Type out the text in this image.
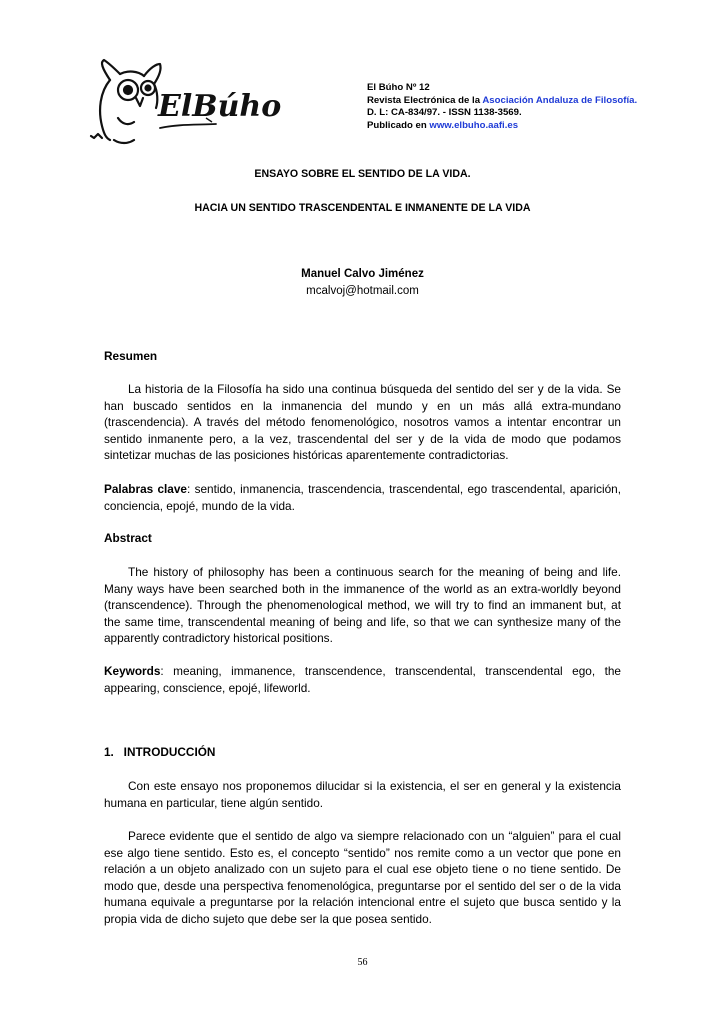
ElBúho
El Búho Nº 12
Revista Electrónica de la Asociación Andaluza de Filosofía.
D. L: CA-834/97. - ISSN 1138-3569.
Publicado en www.elbuho.aafi.es
ENSAYO SOBRE EL SENTIDO DE LA VIDA.
HACIA UN SENTIDO TRASCENDENTAL E INMANENTE DE LA VIDA
Manuel Calvo Jiménez
mcalvoj@hotmail.com
Resumen
La historia de la Filosofía ha sido una continua búsqueda del sentido del ser y de la vida. Se han buscado sentidos en la inmanencia del mundo y en un más allá extra-mundano (trascendencia). A través del método fenomenológico, nosotros vamos a intentar encontrar un sentido inmanente pero, a la vez, trascendental del ser y de la vida de modo que podamos sintetizar muchas de las posiciones históricas aparentemente contradictorias.
Palabras clave: sentido, inmanencia, trascendencia, trascendental, ego trascendental, aparición, conciencia, epojé, mundo de la vida.
Abstract
The history of philosophy has been a continuous search for the meaning of being and life. Many ways have been searched both in the immanence of the world as an extra-worldly beyond (transcendence). Through the phenomenological method, we will try to find an immanent but, at the same time, transcendental meaning of being and life, so that we can synthesize many of the apparently contradictory historical positions.
Keywords: meaning, immanence, transcendence, transcendental, transcendental ego, the appearing, conscience, epojé, lifeworld.
1.   INTRODUCCIÓN
Con este ensayo nos proponemos dilucidar si la existencia, el ser en general y la existencia humana en particular, tiene algún sentido.
Parece evidente que el sentido de algo va siempre relacionado con un “alguien” para el cual ese algo tiene sentido. Esto es, el concepto “sentido” nos remite como a un vector que pone en relación a un objeto analizado con un sujeto para el cual ese objeto tiene o no tiene sentido. De modo que, desde una perspectiva fenomenológica, preguntarse por el sentido del ser o de la vida humana equivale a preguntarse por la relación intencional entre el sujeto que busca sentido y la propia vida de dicho sujeto que debe ser la que posea sentido.
56
